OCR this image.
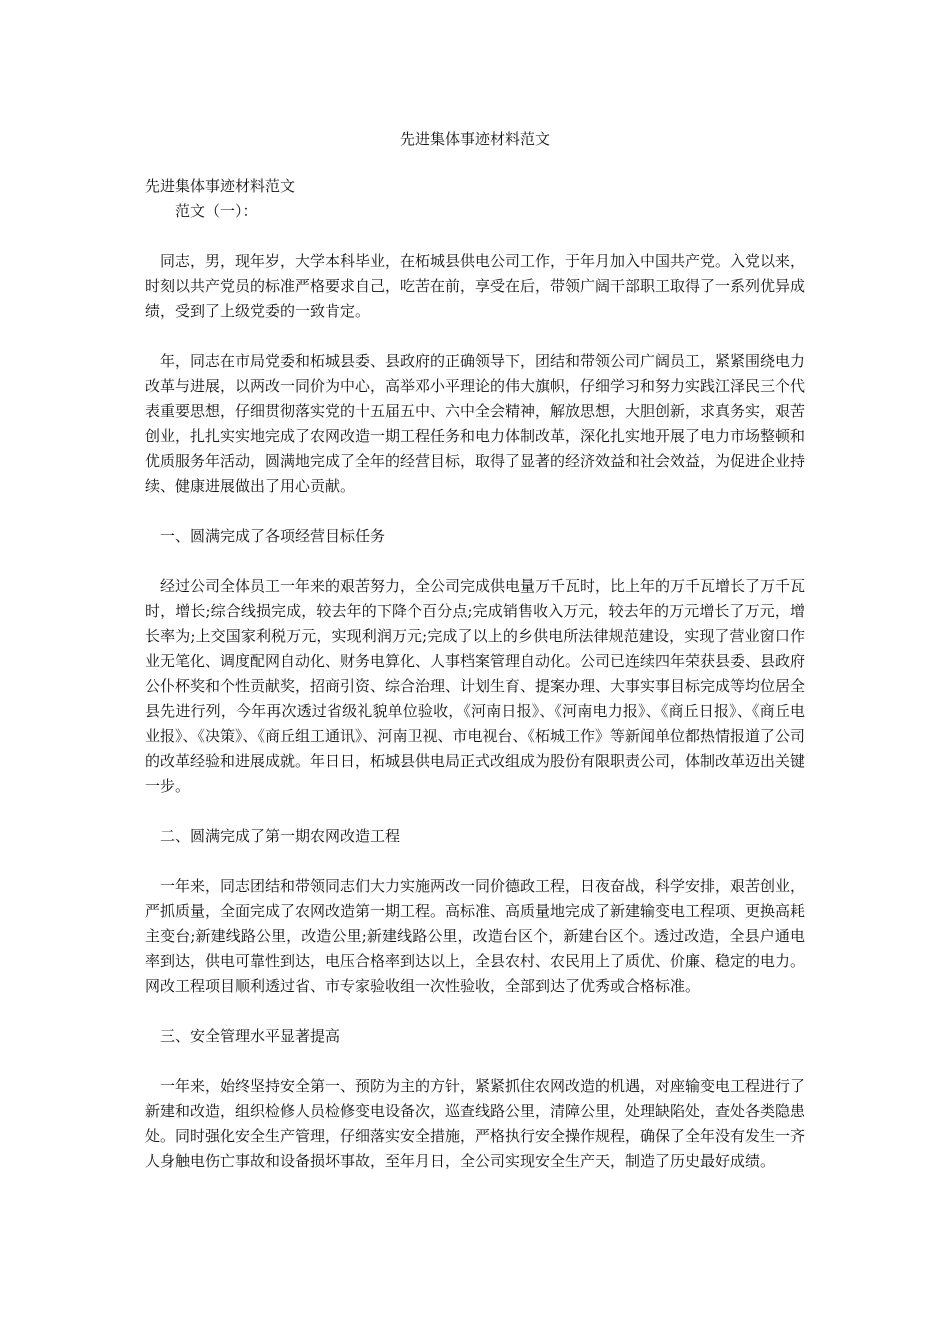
先进集体事迹材料范文

先进集体事迹材料范文

范文（一）：

同志，男，现年岁，大学本科毕业，在柘城县供电公司工作，于年月加入中国共产党。入党以来，时刻以共产党员的标准严格要求自己，吃苦在前，享受在后，带领广阔干部职工取得了一系列优异成绩，受到了上级党委的一致肯定。

年，同志在市局党委和柘城县委、县政府的正确领导下，团结和带领公司广阔员工，紧紧围绕电力改革与进展，以两改一同价为中心，高举邓小平理论的伟大旗帜，仔细学习和努力实践江泽民三个代表重要思想，仔细贯彻落实党的十五届五中、六中全会精神，解放思想，大胆创新，求真务实，艰苦创业，扎扎实实地完成了农网改造一期工程任务和电力体制改革，深化扎实地开展了电力市场整顿和优质服务年活动，圆满地完成了全年的经营目标，取得了显著的经济效益和社会效益，为促进企业持续、健康进展做出了用心贡献。

一、圆满完成了各项经营目标任务

经过公司全体员工一年来的艰苦努力，全公司完成供电量万千瓦时，比上年的万千瓦增长了万千瓦时，增长;综合线损完成，较去年的下降个百分点;完成销售收入万元，较去年的万元增长了万元，增长率为;上交国家利税万元，实现利润万元;完成了以上的乡供电所法律规范建设，实现了营业窗口作业无笔化、调度配网自动化、财务电算化、人事档案管理自动化。公司已连续四年荣获县委、县政府公仆杯奖和个性贡献奖，招商引资、综合治理、计划生育、提案办理、大事实事目标完成等均位居全县先进行列，今年再次透过省级礼貌单位验收，《河南日报》、《河南电力报》、《商丘日报》、《商丘电业报》、《决策》、《商丘组工通讯》、河南卫视、市电视台、《柘城工作》等新闻单位都热情报道了公司的改革经验和进展成就。年日日，柘城县供电局正式改组成为股份有限职责公司，体制改革迈出关键一步。

二、圆满完成了第一期农网改造工程

一年来，同志团结和带领同志们大力实施两改一同价德政工程，日夜奋战，科学安排，艰苦创业，严抓质量，全面完成了农网改造第一期工程。高标准、高质量地完成了新建输变电工程项、更换高耗主变台;新建线路公里，改造公里;新建线路公里，改造台区个，新建台区个。透过改造，全县户通电率到达，供电可靠性到达，电压合格率到达以上，全县农村、农民用上了质优、价廉、稳定的电力。网改工程项目顺利透过省、市专家验收组一次性验收，全部到达了优秀或合格标准。

三、安全管理水平显著提高

一年来，始终坚持安全第一、预防为主的方针，紧紧抓住农网改造的机遇，对座输变电工程进行了新建和改造，组织检修人员检修变电设备次，巡查线路公里，清障公里，处理缺陷处，查处各类隐患处。同时强化安全生产管理，仔细落实安全措施，严格执行安全操作规程，确保了全年没有发生一齐人身触电伤亡事故和设备损坏事故，至年月日，全公司实现安全生产天，制造了历史最好成绩。
